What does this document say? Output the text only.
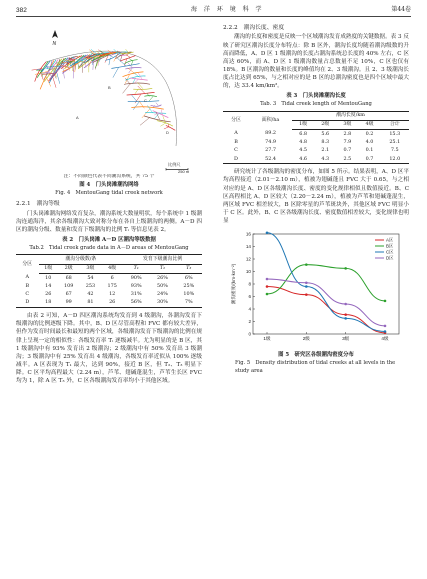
382	海 洋 环 境 科 学	第44卷
A
B
C
D
N
比例尺
250 m

注：不同颜色代表不同潮沟系统，共 75 个

图 4　门头岗滩潮沟网络

Fig. 4　MentouGang tidal creek network

2.2.1　潮沟等级

门头岗滩潮沟网络发育复杂，潮沟系统大数量明状，每个系统中 1 级潮沟连通海洋，其余各级潮沟大致对称分布在各自上级潮沟的两侧。A－D 四区的潮沟分级、数量和发育下级潮沟的比例 Tᵢ 等信息见表 2。

表 2　门头岗滩 A－D 区潮沟等级数据

Tab.2　Tidal creek grade data in A－D areas of MentouGang

分区	潮沟分级数/条				发育下级潮沟比例		
	1级	2级	3级	4级	T₁	T₂	T₃
A	10	68	54	6	90%	26%	6%
B	14	109	253	175	93%	50%	25%
C	26	67	42	12	31%	24%	10%
D	18	99	81	26	56%	30%	7%

由表 2 可知，A－D 四区潮沟系统均发育到 4 级潮沟，各潮沟发育下级潮沟的比例逐级下降。其中，B、D 区尽管高程和 FVC 都有较大差异，但作为发育时间最长和最短的两个区域，各级潮沟发育下级潮沟的比例在规律上呈现一定的相似性：各级发育率 Tᵢ 逐级减半。尤为明显的是 B 区，其 1 级潮沟中有 93% 发育出 2 级潮沟；2 级潮沟中有 50% 发育出 3 级潮沟；3 级潮沟中有 25% 发育出 4 级潮沟，各级发育率近似从 100% 逐级减半。A 区表现为 T₁ 最大，达到 90%，接近 B 区，但 T₂、T₃ 明显下降。C 区平均高程最大（2.24 m），芦苇、翅碱蓬混生，芦苇生长区 FVC 均为 1，除 A 区 T₃ 外，C 区各级潮沟发育率均小于其他区域。

2.2.2　潮沟长度、密度

潮沟的长度和密度是反映一个区域潮沟发育成熟度的关键数据。表 3 反映了研究区潮沟长度分布特点：除 B 区外，潮沟长度均随着潮沟级数的升高而降低，A、D 区 1 级潮沟的长度占潮沟系统总长度的 40% 左右，C 区高达 60%，而 A、D 区 1 级潮沟数量占总数量不足 10%，C 区也仅有 18%。B 区潮沟的数量和长度的峰值均在 2、3 级潮沟。且 2、3 级潮沟长度占比达到 65%，与之相对应的是 B 区的总潮沟密度也是四个区域中最大的，达 33.4 km/km²。

表 3　门头岗滩潮沟长度

Tab. 3　Tidal creek length of MentouGang

分区	面积/ha	潮沟长度/km				
		1级	2级	3级	4级	合计
A	89.2	6.8	5.6	2.8	0.2	15.3
B	74.9	4.8	8.3	7.9	4.0	25.1
C	27.7	4.5	2.1	0.7	0.1	7.5
D	52.4	4.6	4.3	2.5	0.7	12.0

研究统计了各级潮沟的密度分布，如图 5 所示。结果表明，A、D 区平均高程接近（2.01－2.10 m），植被为翅碱蓬且 FVC 大于 0.65，与之相对应的是 A、D 区各级潮沟长度、密度的变化规律相似且数值接近。B、C 区高程相比 A、D 区较大（2.20－2.24 m），植被为芦苇和翅碱蓬混生，两区域 FVC 相差较大，B 区除零星的芦苇斑块外，其他区域 FVC 明显小于 C 区。此外，B、C 区各级潮沟长度、密度数值相差较大，变化规律也明显

0
2
4
6
8
10
12
14
16
1级	2级	3级	4级
潮沟密度/(km·km⁻²)
A区
B区
C区
D区

图 5　研究区各级潮沟密度分布

Fig. 5　Density distribution of tidal creeks at all levels in the study area
